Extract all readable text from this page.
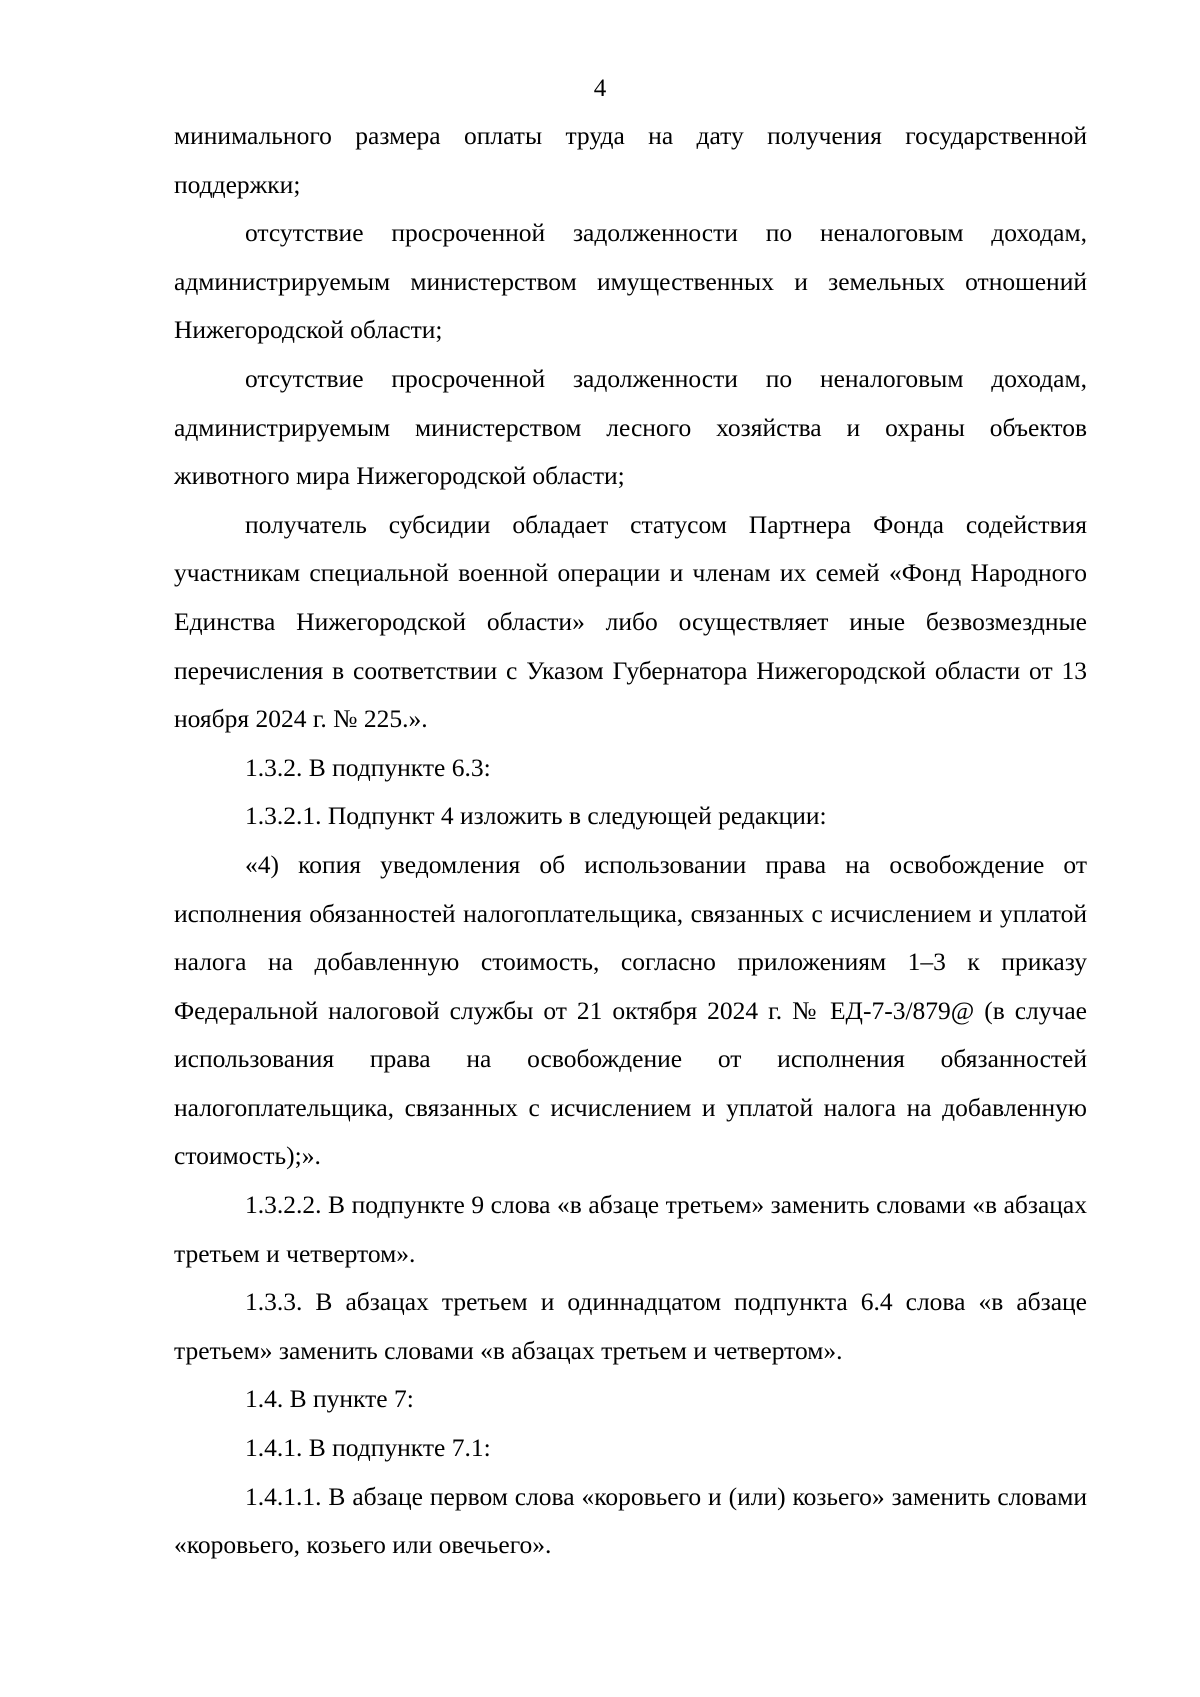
4

минимального размера оплаты труда на дату получения государственной поддержки;

отсутствие просроченной задолженности по неналоговым доходам, администрируемым министерством имущественных и земельных отношений Нижегородской области;

отсутствие просроченной задолженности по неналоговым доходам, администрируемым министерством лесного хозяйства и охраны объектов животного мира Нижегородской области;

получатель субсидии обладает статусом Партнера Фонда содействия участникам специальной военной операции и членам их семей «Фонд Народного Единства Нижегородской области» либо осуществляет иные безвозмездные перечисления в соответствии с Указом Губернатора Нижегородской области от 13 ноября 2024 г. № 225.».

1.3.2. В подпункте 6.3:

1.3.2.1. Подпункт 4 изложить в следующей редакции:

«4) копия уведомления об использовании права на освобождение от исполнения обязанностей налогоплательщика, связанных с исчислением и уплатой налога на добавленную стоимость, согласно приложениям 1–3 к приказу Федеральной налоговой службы от 21 октября 2024 г. № ЕД-7-3/879@ (в случае использования права на освобождение от исполнения обязанностей налогоплательщика, связанных с исчислением и уплатой налога на добавленную стоимость);».

1.3.2.2. В подпункте 9 слова «в абзаце третьем» заменить словами «в абзацах третьем и четвертом».

1.3.3. В абзацах третьем и одиннадцатом подпункта 6.4 слова «в абзаце третьем» заменить словами «в абзацах третьем и четвертом».

1.4. В пункте 7:

1.4.1. В подпункте 7.1:

1.4.1.1. В абзаце первом слова «коровьего и (или) козьего» заменить словами «коровьего, козьего или овечьего».
